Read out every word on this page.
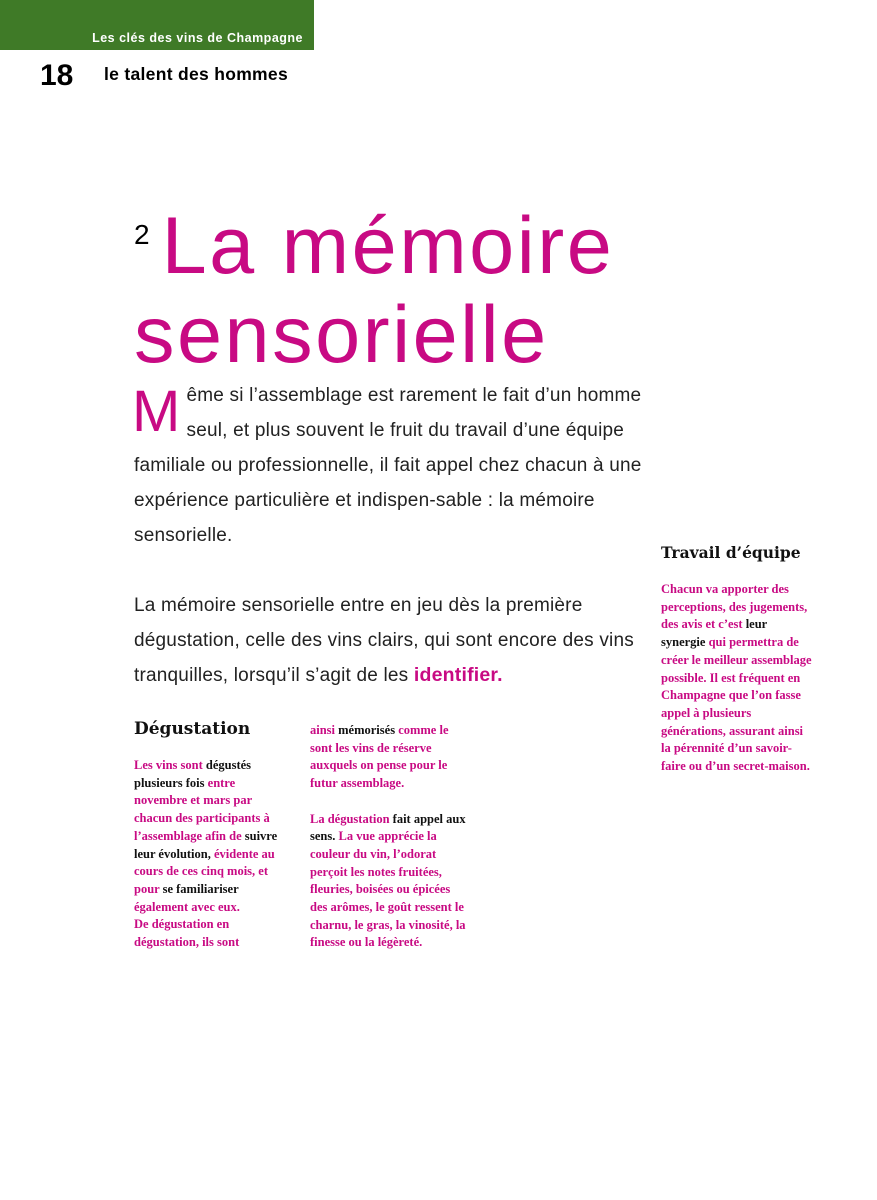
Les clés des vins de Champagne
18 le talent des hommes
$^2$ La mémoire
sensorielle

Même si l’assemblage est rarement le fait d’un homme seul, et plus souvent le fruit du travail d’une équipe familiale ou professionnelle, il fait appel chez chacun à une expérience particulière et indispen-sable : la mémoire sensorielle.

La mémoire sensorielle entre en jeu dès la première dégustation, celle des vins clairs, qui sont encore des vins tranquilles, lorsqu’il s’agit de les identifier.

Dégustation

Les vins sont dégustés plusieurs fois entre novembre et mars par chacun des participants à l’assemblage afin de suivre leur évolution, évidente au cours de ces cinq mois, et pour se familiariser également avec eux.

De dégustation en dégustation, ils sont

ainsi mémorisés comme le sont les vins de réserve auxquels on pense pour le futur assemblage.

La dégustation fait appel aux sens. La vue apprécie la couleur du vin, l’odorat perçoit les notes fruitées, fleuries, boisées ou épicées des arômes, le goût ressent le charnu, le gras, la vinosité, la finesse ou la légèreté.

Travail d’équipe

Chacun va apporter des perceptions, des jugements, des avis et c’est leur synergie qui permettra de créer le meilleur assemblage possible. Il est fréquent en Champagne que l’on fasse appel à plusieurs générations, assurant ainsi la pérennité d’un savoir-faire ou d’un secret-maison.
